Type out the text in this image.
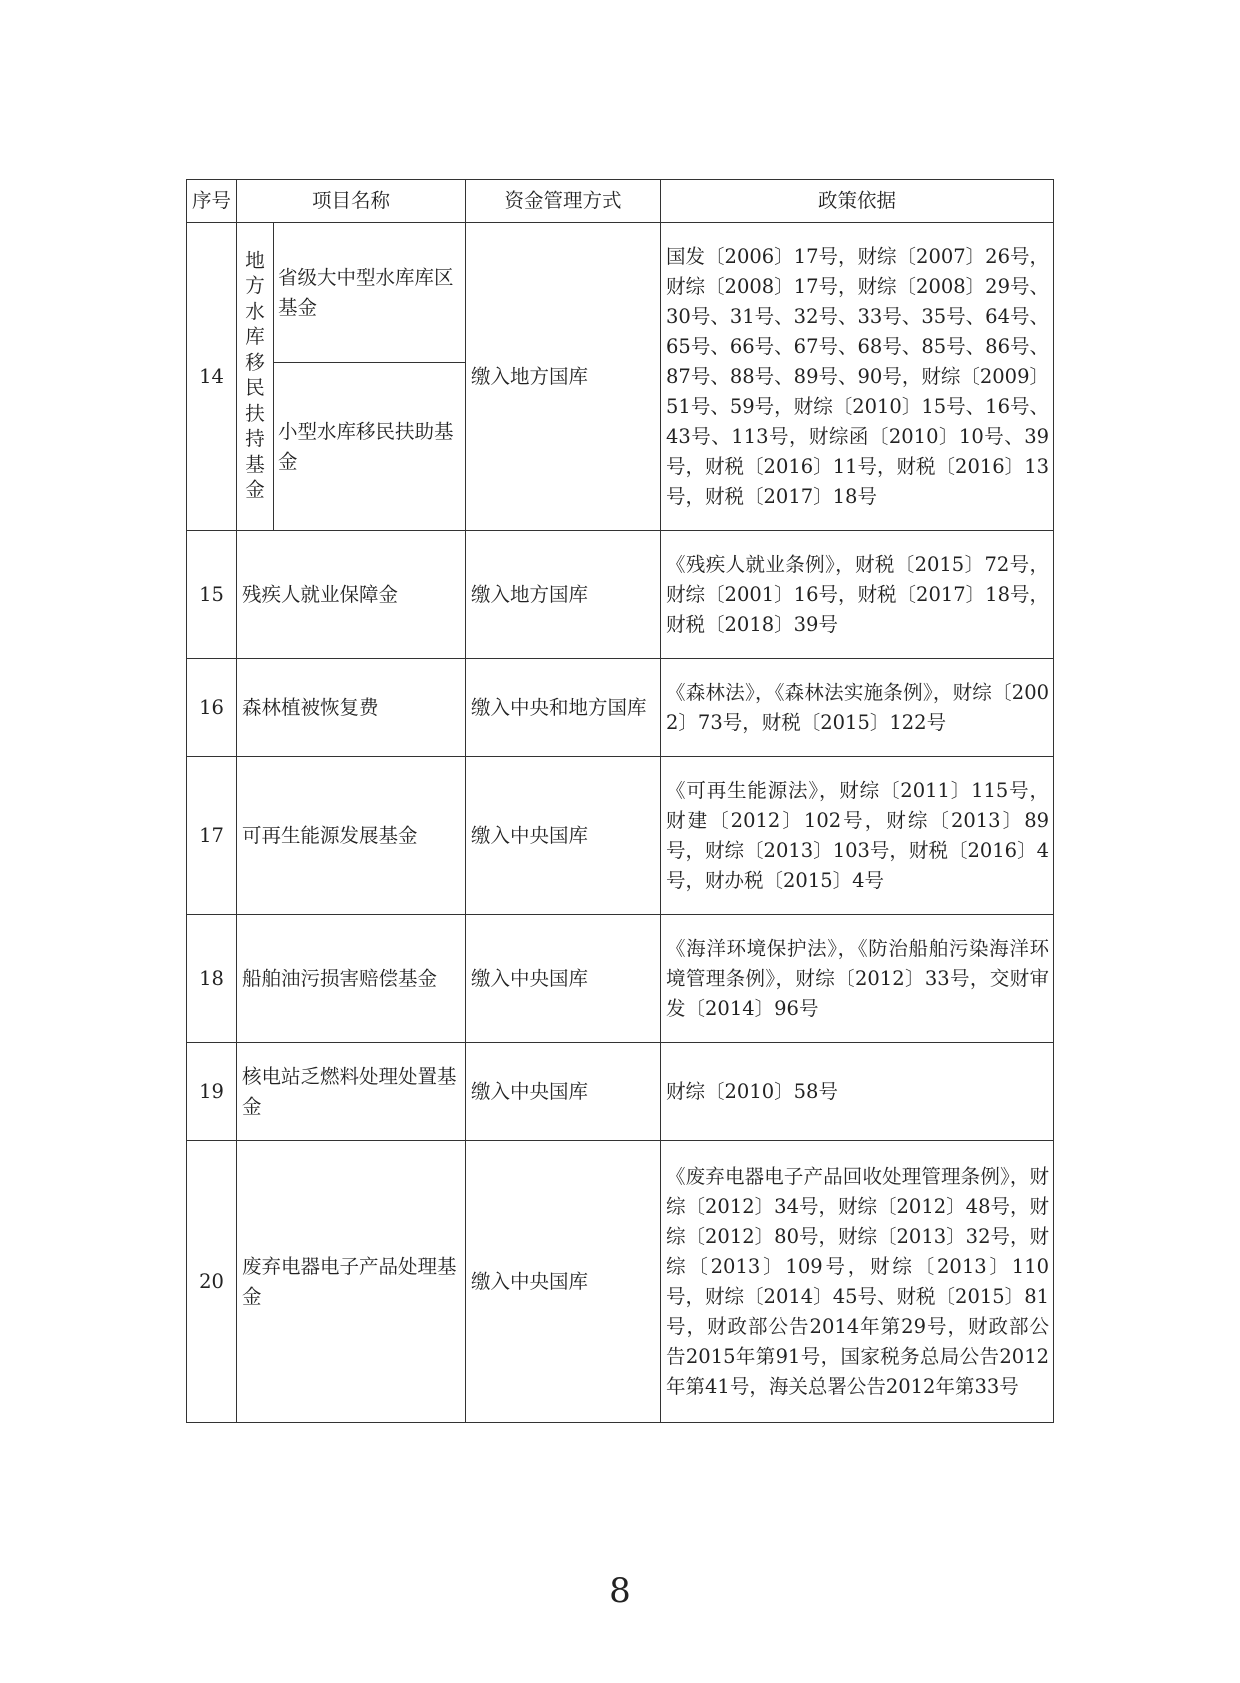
序号	项目名称		资金管理方式	政策依据
14	地方水库移民扶持基金	省级大中型水库库区基金	缴入地方国库	国发〔2006〕17号，财综〔2007〕26号，财综〔2008〕17号，财综〔2008〕29号、30号、31号、32号、33号、35号、64号、65号、66号、67号、68号、85号、86号、87号、88号、89号、90号，财综〔2009〕51号、59号，财综〔2010〕15号、16号、43号、113号，财综函〔2010〕10号、39号，财税〔2016〕11号，财税〔2016〕13号，财税〔2017〕18号
		小型水库移民扶助基金		
15	残疾人就业保障金		缴入地方国库	《残疾人就业条例》，财税〔2015〕72号，财综〔2001〕16号，财税〔2017〕18号，财税〔2018〕39号
16	森林植被恢复费		缴入中央和地方国库	《森林法》，《森林法实施条例》，财综〔2002〕73号，财税〔2015〕122号
17	可再生能源发展基金		缴入中央国库	《可再生能源法》，财综〔2011〕115号，财建〔2012〕102号，财综〔2013〕89号，财综〔2013〕103号，财税〔2016〕4号，财办税〔2015〕4号
18	船舶油污损害赔偿基金		缴入中央国库	《海洋环境保护法》，《防治船舶污染海洋环境管理条例》，财综〔2012〕33号，交财审发〔2014〕96号
19	核电站乏燃料处理处置基金		缴入中央国库	财综〔2010〕58号
20	废弃电器电子产品处理基金		缴入中央国库	《废弃电器电子产品回收处理管理条例》，财综〔2012〕34号，财综〔2012〕48号，财综〔2012〕80号，财综〔2013〕32号，财综〔2013〕109号，财综〔2013〕110号，财综〔2014〕45号、财税〔2015〕81号，财政部公告2014年第29号，财政部公告2015年第91号，国家税务总局公告2012年第41号，海关总署公告2012年第33号
8
